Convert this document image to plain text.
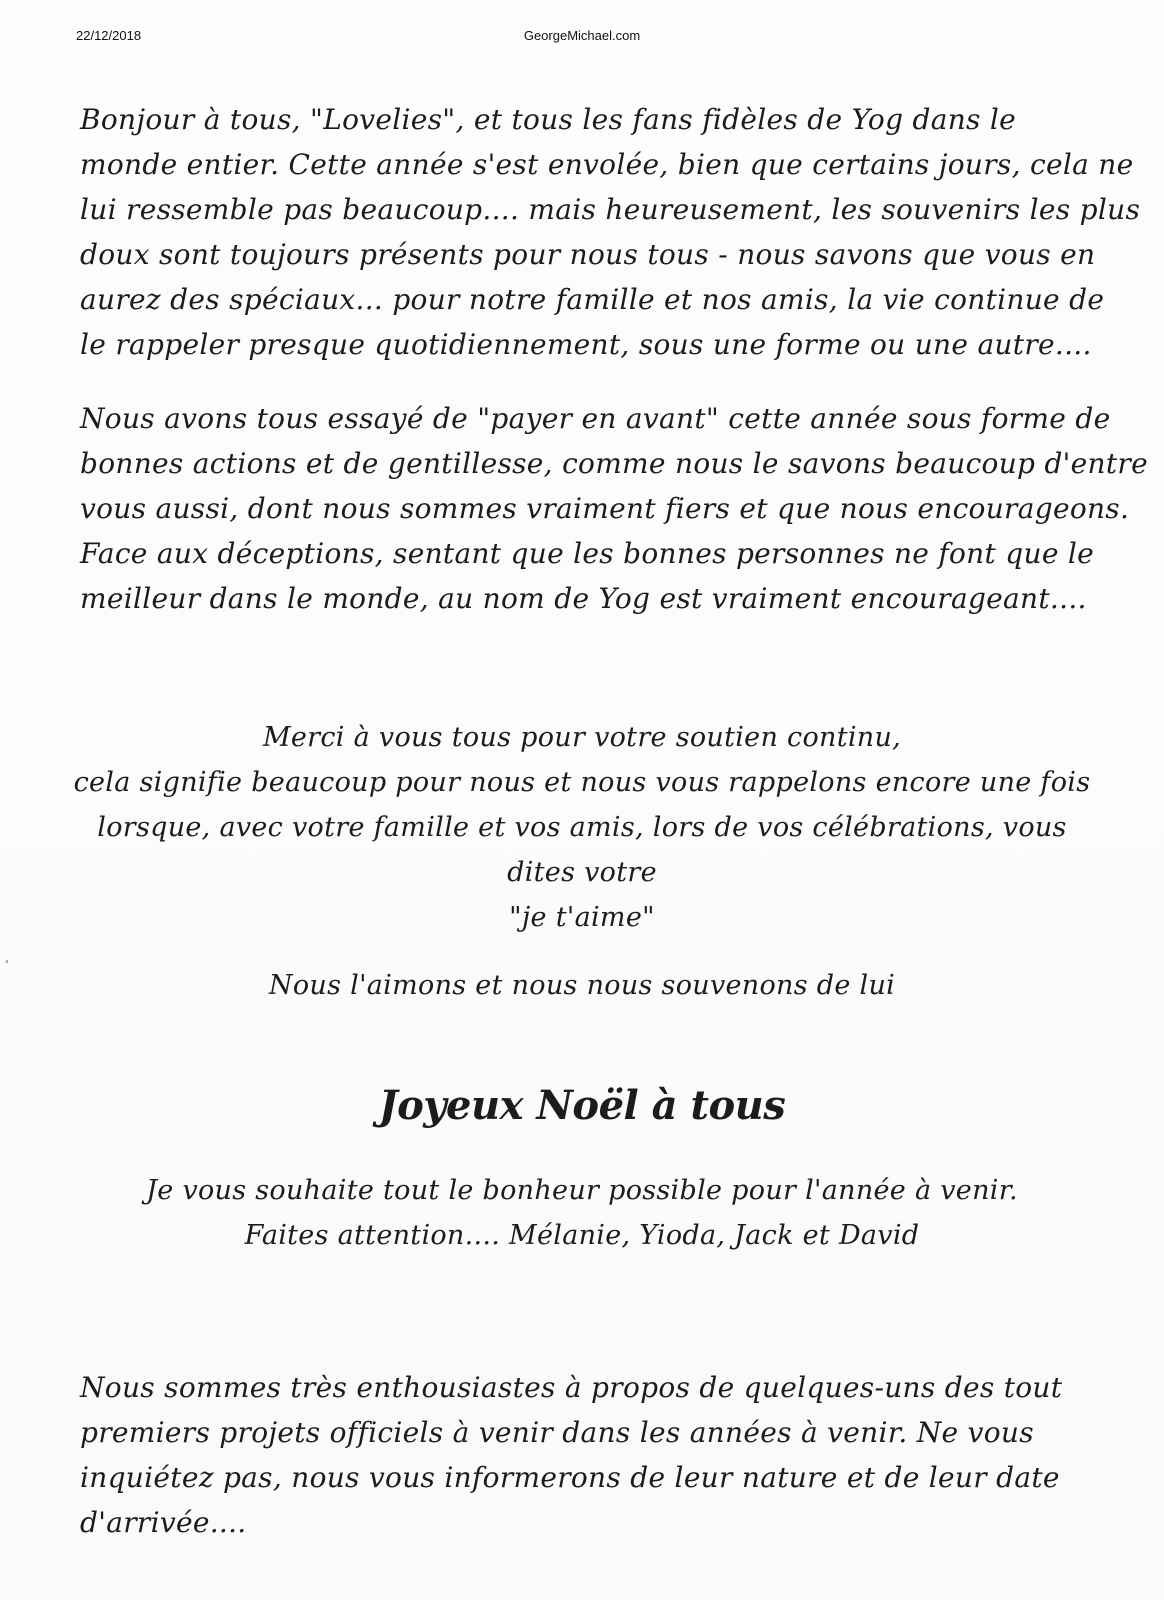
22/12/2018	GeorgeMichael.com

Bonjour à tous, "Lovelies", et tous les fans fidèles de Yog dans le
monde entier. Cette année s'est envolée, bien que certains jours, cela ne
lui ressemble pas beaucoup.... mais heureusement, les souvenirs les plus
doux sont toujours présents pour nous tous - nous savons que vous en
aurez des spéciaux... pour notre famille et nos amis, la vie continue de
le rappeler presque quotidiennement, sous une forme ou une autre....

Nous avons tous essayé de "payer en avant" cette année sous forme de
bonnes actions et de gentillesse, comme nous le savons beaucoup d'entre
vous aussi, dont nous sommes vraiment fiers et que nous encourageons.
Face aux déceptions, sentant que les bonnes personnes ne font que le
meilleur dans le monde, au nom de Yog est vraiment encourageant....

Merci à vous tous pour votre soutien continu,
cela signifie beaucoup pour nous et nous vous rappelons encore une fois
lorsque, avec votre famille et vos amis, lors de vos célébrations, vous
dites votre
"je t'aime"

Nous l'aimons et nous nous souvenons de lui

Joyeux Noël à tous

Je vous souhaite tout le bonheur possible pour l'année à venir.
Faites attention.... Mélanie, Yioda, Jack et David

Nous sommes très enthousiastes à propos de quelques-uns des tout
premiers projets officiels à venir dans les années à venir. Ne vous
inquiétez pas, nous vous informerons de leur nature et de leur date
d'arrivée....
